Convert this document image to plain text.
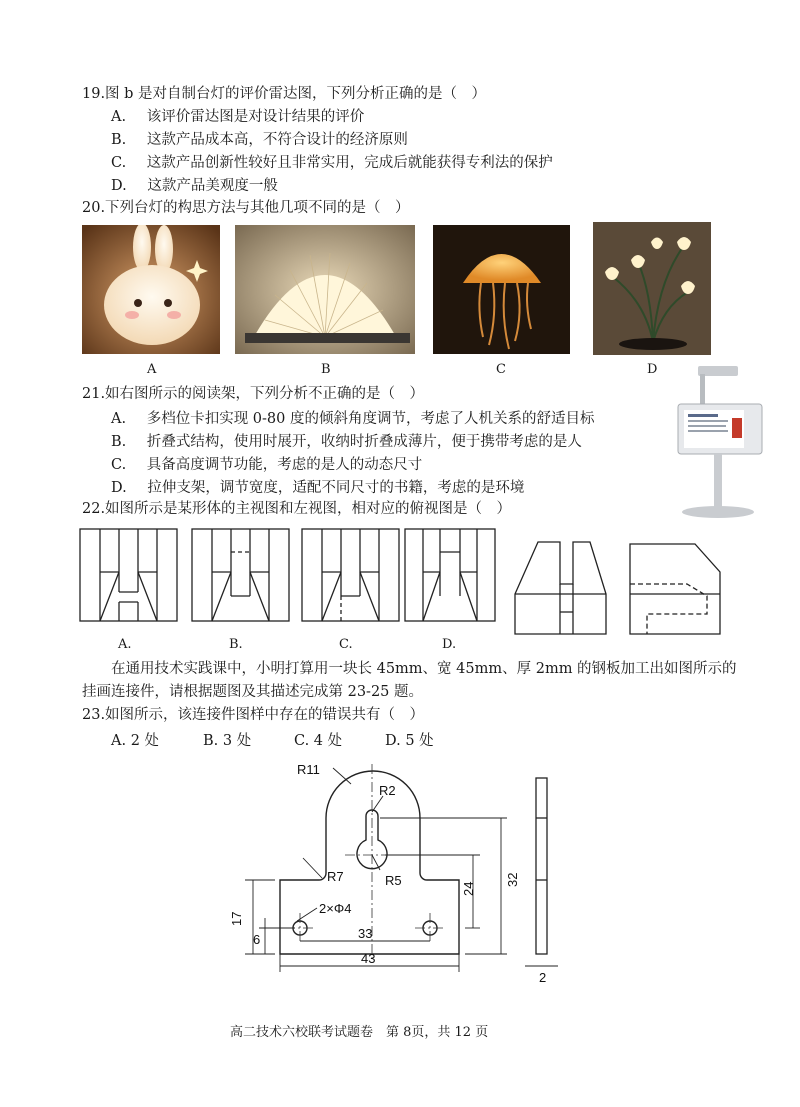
19.图 b 是对自制台灯的评价雷达图，下列分析正确的是（　）
A. 该评价雷达图是对设计结果的评价
B. 这款产品成本高，不符合设计的经济原则
C. 这款产品创新性较好且非常实用，完成后就能获得专利法的保护
D. 这款产品美观度一般
20.下列台灯的构思方法与其他几项不同的是（　）
A	B	C	D
21.如右图所示的阅读架，下列分析不正确的是（　）
A. 多档位卡扣实现 0-80 度的倾斜角度调节，考虑了人机关系的舒适目标
B. 折叠式结构，使用时展开，收纳时折叠成薄片，便于携带考虑的是人
C. 具备高度调节功能，考虑的是人的动态尺寸
D. 拉伸支架，调节宽度，适配不同尺寸的书籍，考虑的是环境
22.如图所示是某形体的主视图和左视图，相对应的俯视图是（　）
A.	B.	C.	D.
在通用技术实践课中，小明打算用一块长 45mm、宽 45mm、厚 2mm 的钢板加工出如图所示的
挂画连接件，请根据题图及其描述完成第 23-25 题。
23.如图所示，该连接件图样中存在的错误共有（　）
A. 2 处	B. 3 处	C. 4 处	D. 5 处
R11
R2
R7	R5
2×Φ4
17
6	33
24
32
43
2
高二技术六校联考试题卷　第 8页，共 12 页
